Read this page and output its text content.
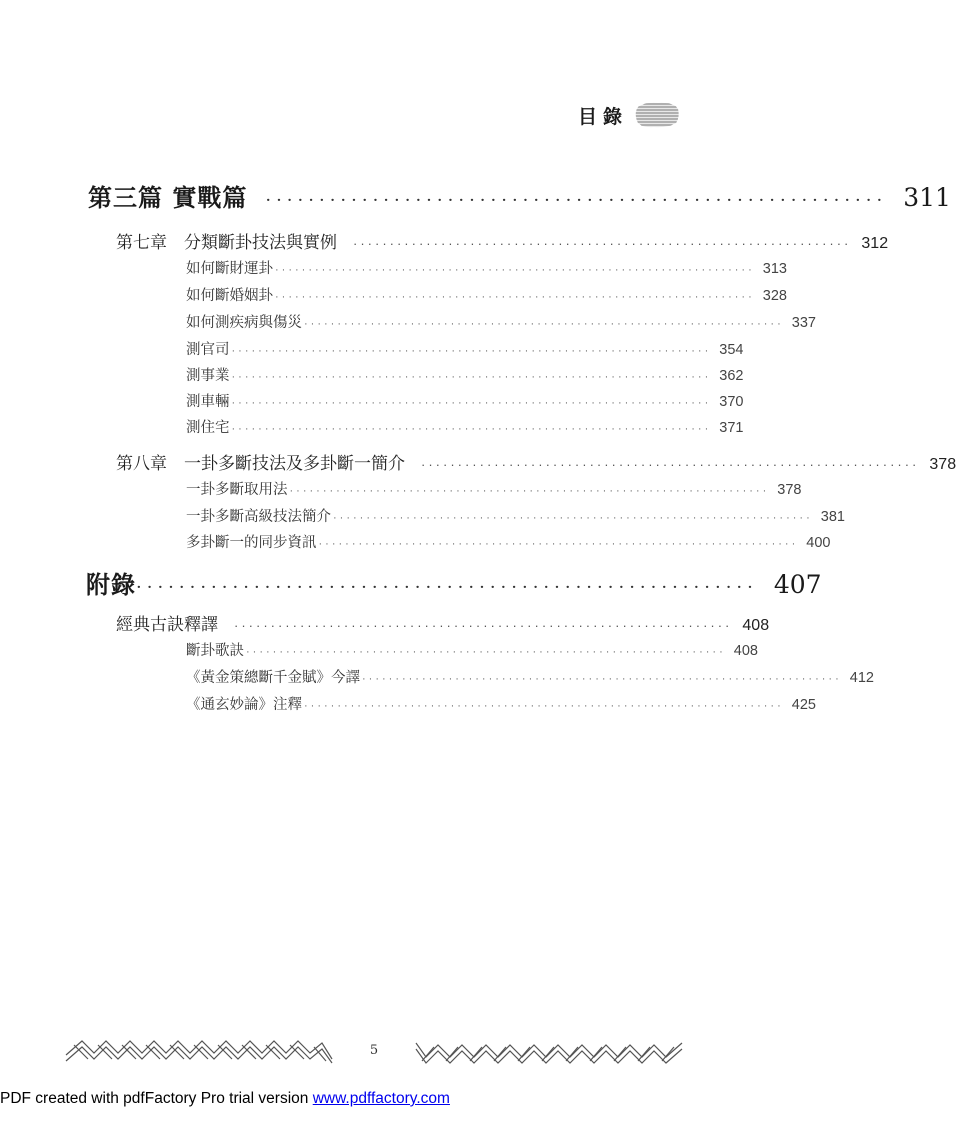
目錄
第三篇 實戰篇 ·························································· 311
第七章　分類斷卦技法與實例 ···································································· 312
如何斷財運卦 ········································································ 313
如何斷婚姻卦 ········································································ 328
如何測疾病與傷災 ········································································ 337
測官司 ········································································ 354
測事業 ········································································ 362
測車輛 ········································································ 370
測住宅 ········································································ 371
第八章　一卦多斷技法及多卦斷一簡介 ···································································· 378
一卦多斷取用法 ········································································ 378
一卦多斷高級技法簡介 ········································································ 381
多卦斷一的同步資訊 ········································································ 400
附錄 ·························································· 407
經典古訣釋譯 ···································································· 408
斷卦歌訣 ········································································ 408
《黃金策總斷千金賦》今譯 ········································································ 412
《通玄妙論》注釋 ········································································ 425
5
PDF created with pdfFactory Pro trial version www.pdffactory.com
